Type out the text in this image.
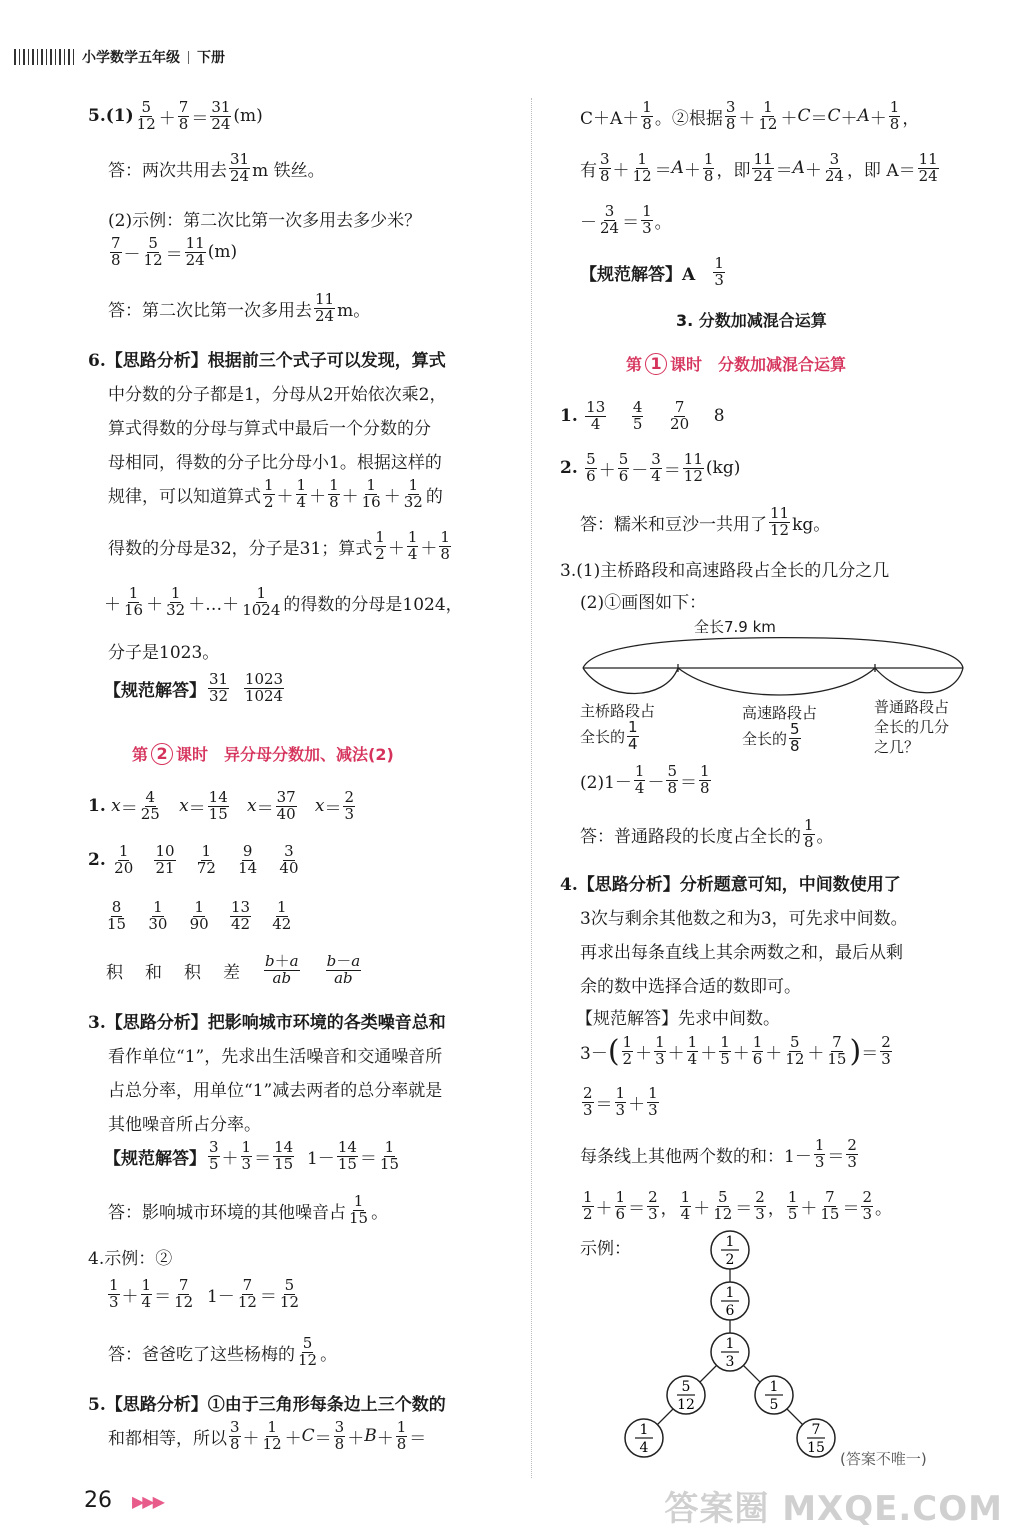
小学数学五年级 下册
5.(1) 5
12 ＋
7
8 ＝
31
24 (m)
答：两次共用去
31
24 m 铁丝。
(2)示例：第二次比第一次多用去多少米？
7
8 －
5
12 ＝
11
24 (m)
答：第二次比第一次多用去
11
24 m。
6.【思路分析】根据前三个式子可以发现，算式
中分数的分子都是1，分母从2开始依次乘2，
算式得数的分母与算式中最后一个分数的分
母相同，得数的分子比分母小1。根据这样的
规律，可以知道算式
1
2 ＋
1
4 ＋
1
8 ＋
1
16 ＋
1
32 的
得数的分母是32，分子是31；算式
1
2 ＋
1
4 ＋
1
8
＋
1
16 ＋
1
32 ＋…＋
1
1024 的得数的分母是1024，
分子是1023。
【规范解答】
31
32

1023
1024
第 2 课时　异分母分数加、减法(2)
1.
x ＝
4
25
x ＝
14
15
x ＝
37
40
x ＝
2
3
2.
1
20

10
21

1
72

9
14

3
40
8
15

1
30

1
90

13
42

1
42
积 和 积 差
b＋a
ab
b－a
ab
3.【思路分析】把影响城市环境的各类噪音总和
看作单位“1”，先求出生活噪音和交通噪音所
占总分率，用单位“1”减去两者的总分率就是
其他噪音所占分率。
【规范解答】
3
5 ＋
1
3 ＝
14
15 1－
14
15 ＝
1
15
答：影响城市环境的其他噪音占
1
15 。
4.示例：②
1
3 ＋
1
4 ＝
7
12 1－
7
12 ＝
5
12
答：爸爸吃了这些杨梅的
5
12 。
5.【思路分析】①由于三角形每条边上三个数的
和都相等，所以
3
8 ＋
1
12 ＋ C ＝
3
8 ＋ B ＋
1
8 ＝
C＋A＋
1
8 。②根据
3
8 ＋
1
12 ＋ C ＝ C ＋ A ＋
1
8 ，
有
3
8 ＋
1
12 ＝ A ＋
1
8 ，即
11
24 ＝ A ＋
3
24 ，即 A＝
11
24
－
3
24 ＝
1
3 。
【规范解答】A

1
3
3. 分数加减混合运算
第 1 课时　分数加减混合运算
1.
13
4

4
5

7
20
8
2.
5
6 ＋
5
6 －
3
4 ＝
11
12 (kg)
答：糯米和豆沙一共用了
11
12 kg。
3.(1)主桥路段和高速路段占全长的几分之几
(2)①画图如下：
全长7.9 km
主桥路段占
全长的
1
4
高速路段占
全长的
5
8
普通路段占
全长的几分
之几？
(2)1－
1
4 －
5
8 ＝
1
8
答：普通路段的长度占全长的
1
8 。
4.【思路分析】分析题意可知，中间数使用了
3次与剩余其他数之和为3，可先求中间数。
再求出每条直线上其余两数之和，最后从剩
余的数中选择合适的数即可。
【规范解答】先求中间数。
3－ ( 1
2 ＋
1
3 ＋
1
4 ＋
1
5 ＋
1
6 ＋
5
12 ＋
7
15 ) ＝
2
3
2
3 ＝
1
3 ＋
1
3
每条线上其他两个数的和：1－
1
3 ＝
2
3
1
2 ＋
1
6 ＝
2
3 ，
1
4 ＋
5
12 ＝
2
3 ，
1
5 ＋
7
15 ＝
2
3 。
示例：	1
2
1
6
1
3
5
12
1
5
1
4
7
15
(答案不唯一)
26 ▶▶▶	答案圈 MXQE.COM
